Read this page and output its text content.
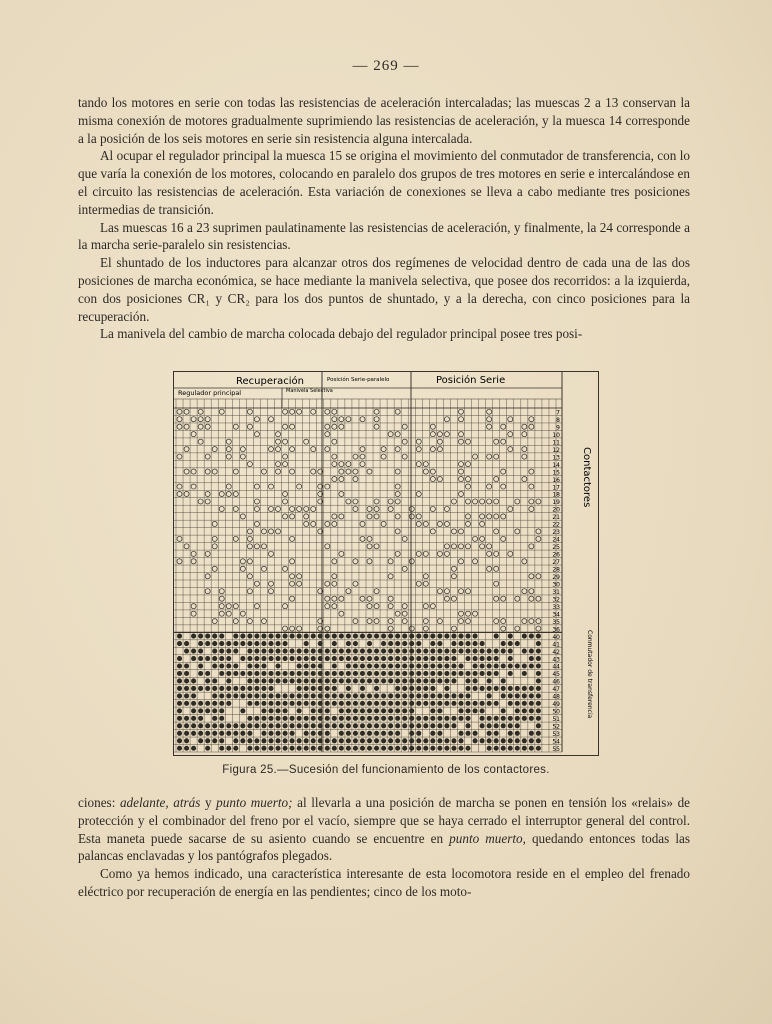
— 269 —

tando los motores en serie con todas las resistencias de aceleración intercaladas; las muescas 2 a 13 conservan la misma conexión de motores gradualmente suprimiendo las resistencias de aceleración, y la muesca 14 corresponde a la posición de los seis motores en serie sin resistencia alguna intercalada.

Al ocupar el regulador principal la muesca 15 se origina el movimiento del conmutador de transferencia, con lo que varía la conexión de los motores, colocando en paralelo dos grupos de tres motores en serie e intercalándose en el circuito las resistencias de aceleración. Esta variación de conexiones se lleva a cabo mediante tres posiciones intermedias de transición.

Las muescas 16 a 23 suprimen paulatinamente las resistencias de aceleración, y finalmente, la 24 corresponde a la marcha serie-paralelo sin resistencias.

El shuntado de los inductores para alcanzar otros dos regímenes de velocidad dentro de cada una de las dos posiciones de marcha económica, se hace mediante la manivela selectiva, que posee dos recorridos: a la izquierda, con dos posiciones CR₁ y CR₂ para los dos puntos de shuntado, y a la derecha, con cinco posiciones para la recuperación.

La manivela del cambio de marcha colocada debajo del regulador principal posee tres posi-

Recuperación	Posición Serie-paralelo	Posición Serie
Regulador principal	Manivela Selectiva
Contactores
Conmutador de transferencia
7
8
9
10
11
12
13
14
15
16
17
18
19
20
21
22
23
24
25
26
27
28
29
30
31
32
33
34
35
36
40
41
42
43
44
45
46
47
48
49
50
51
52
53
54
55
Figura 25.—Sucesión del funcionamiento de los contactores.

ciones: adelante, atrás y punto muerto; al llevarla a una posición de marcha se ponen en tensión los «relais» de protección y el combinador del freno por el vacío, siempre que se haya cerrado el interruptor general del control. Esta maneta puede sacarse de su asiento cuando se encuentre en punto muerto, quedando entonces todas las palancas enclavadas y los pantógrafos plegados.

Como ya hemos indicado, una característica interesante de esta locomotora reside en el empleo del frenado eléctrico por recuperación de energía en las pendientes; cinco de los moto-
